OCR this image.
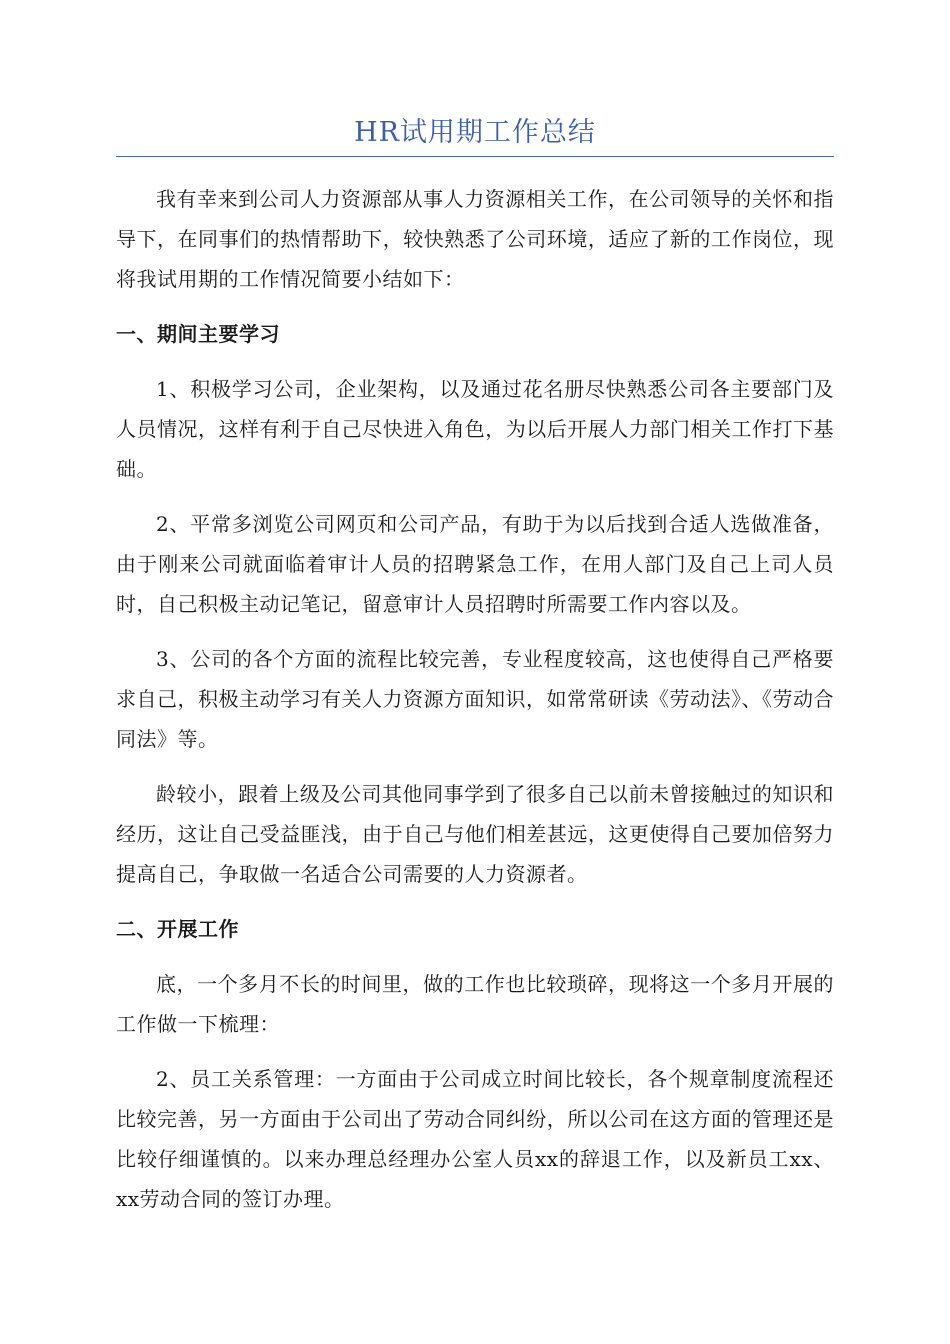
HR试用期工作总结

我有幸来到公司人力资源部从事人力资源相关工作，在公司领导的关怀和指导下，在同事们的热情帮助下，较快熟悉了公司环境，适应了新的工作岗位，现将我试用期的工作情况简要小结如下：

一、期间主要学习

1、积极学习公司，企业架构，以及通过花名册尽快熟悉公司各主要部门及人员情况，这样有利于自己尽快进入角色，为以后开展人力部门相关工作打下基础。

2、平常多浏览公司网页和公司产品，有助于为以后找到合适人选做准备，由于刚来公司就面临着审计人员的招聘紧急工作，在用人部门及自己上司人员时，自己积极主动记笔记，留意审计人员招聘时所需要工作内容以及。

3、公司的各个方面的流程比较完善，专业程度较高，这也使得自己严格要求自己，积极主动学习有关人力资源方面知识，如常常研读《劳动法》、《劳动合同法》等。

龄较小，跟着上级及公司其他同事学到了很多自己以前未曾接触过的知识和经历，这让自己受益匪浅，由于自己与他们相差甚远，这更使得自己要加倍努力提高自己，争取做一名适合公司需要的人力资源者。

二、开展工作

底，一个多月不长的时间里，做的工作也比较琐碎，现将这一个多月开展的工作做一下梳理：

2、员工关系管理：一方面由于公司成立时间比较长，各个规章制度流程还比较完善，另一方面由于公司出了劳动合同纠纷，所以公司在这方面的管理还是比较仔细谨慎的。以来办理总经理办公室人员xx的辞退工作，以及新员工xx、xx劳动合同的签订办理。
